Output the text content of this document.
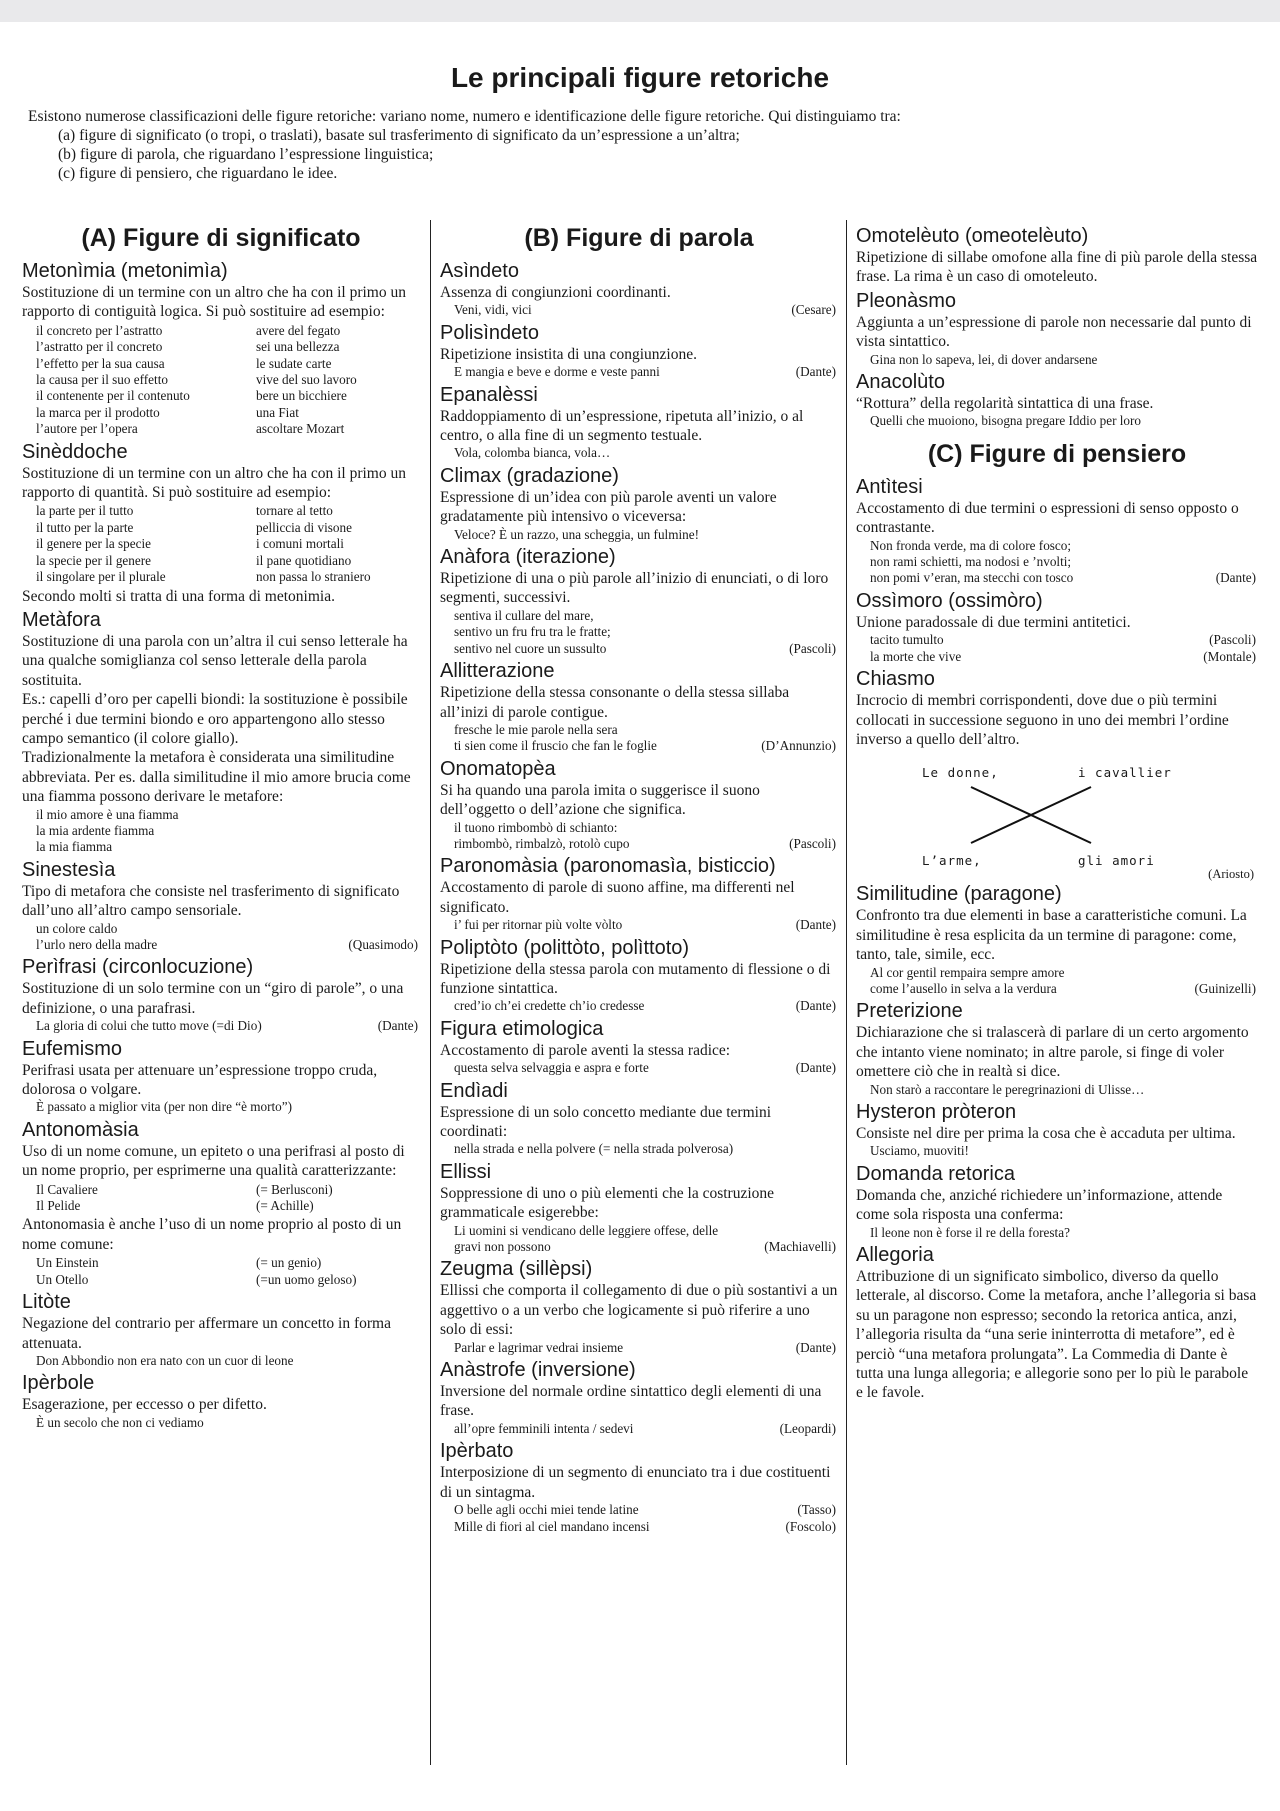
Le principali figure retoriche
Esistono numerose classificazioni delle figure retoriche: variano nome, numero e identificazione delle figure retoriche. Qui distinguiamo tra:
(a) figure di significato (o tropi, o traslati), basate sul trasferimento di significato da un’espressione a un’altra;
(b) figure di parola, che riguardano l’espressione linguistica;
(c) figure di pensiero, che riguardano le idee.
(A) Figure di significato
Metonìmia (metonimìa)
Sostituzione di un termine con un altro che ha con il primo un rapporto di contiguità logica. Si può sostituire ad esempio:
il concreto per l’astratto	avere del fegato
l’astratto per il concreto	sei una bellezza
l’effetto per la sua causa	le sudate carte
la causa per il suo effetto	vive del suo lavoro
il contenente per il contenuto	bere un bicchiere
la marca per il prodotto	una Fiat
l’autore per l’opera	ascoltare Mozart
Sinèddoche
Sostituzione di un termine con un altro che ha con il primo un rapporto di quantità. Si può sostituire ad esempio:
la parte per il tutto	tornare al tetto
il tutto per la parte	pelliccia di visone
il genere per la specie	i comuni mortali
la specie per il genere	il pane quotidiano
il singolare per il plurale	non passa lo straniero
Secondo molti si tratta di una forma di metonimia.
Metàfora
Sostituzione di una parola con un’altra il cui senso letterale ha una qualche somiglianza col senso letterale della parola sostituita.
Es.: capelli d’oro per capelli biondi: la sostituzione è possibile perché i due termini biondo e oro appartengono allo stesso campo semantico (il colore giallo).
Tradizionalmente la metafora è considerata una similitudine abbreviata. Per es. dalla similitudine il mio amore brucia come una fiamma possono derivare le metafore:
il mio amore è una fiamma
la mia ardente fiamma
la mia fiamma
Sinestesìa
Tipo di metafora che consiste nel trasferimento di significato dall’uno all’altro campo sensoriale.
un colore caldo
l’urlo nero della madre	(Quasimodo)
Perìfrasi (circonlocuzione)
Sostituzione di un solo termine con un “giro di parole”, o una definizione, o una parafrasi.
La gloria di colui che tutto move (=di Dio)	(Dante)
Eufemismo
Perifrasi usata per attenuare un’espressione troppo cruda, dolorosa o volgare.
È passato a miglior vita (per non dire “è morto”)
Antonomàsia
Uso di un nome comune, un epiteto o una perifrasi al posto di un nome proprio, per esprimerne una qualità caratterizzante:
Il Cavaliere	(= Berlusconi)
Il Pelide	(= Achille)
Antonomasia è anche l’uso di un nome proprio al posto di un nome comune:
Un Einstein	(= un genio)
Un Otello	(=un uomo geloso)
Litòte
Negazione del contrario per affermare un concetto in forma attenuata.
Don Abbondio non era nato con un cuor di leone
Ipèrbole
Esagerazione, per eccesso o per difetto.
È un secolo che non ci vediamo
(B) Figure di parola
Asìndeto
Assenza di congiunzioni coordinanti.
Veni, vidi, vici	(Cesare)
Polisìndeto
Ripetizione insistita di una congiunzione.
E mangia e beve e dorme e veste panni	(Dante)
Epanalèssi
Raddoppiamento di un’espressione, ripetuta all’inizio, o al centro, o alla fine di un segmento testuale.
Vola, colomba bianca, vola…
Climax (gradazione)
Espressione di un’idea con più parole aventi un valore gradatamente più intensivo o viceversa:
Veloce? È un razzo, una scheggia, un fulmine!
Anàfora (iterazione)
Ripetizione di una o più parole all’inizio di enunciati, o di loro segmenti, successivi.
sentiva il cullare del mare,
sentivo un fru fru tra le fratte;
sentivo nel cuore un sussulto	(Pascoli)
Allitterazione
Ripetizione della stessa consonante o della stessa sillaba all’inizi di parole contigue.
fresche le mie parole nella sera
ti sien come il fruscio che fan le foglie	(D’Annunzio)
Onomatopèa
Si ha quando una parola imita o suggerisce il suono dell’oggetto o dell’azione che significa.
il tuono rimbombò di schianto:
rimbombò, rimbalzò, rotolò cupo	(Pascoli)
Paronomàsia (paronomasìa, bisticcio)
Accostamento di parole di suono affine, ma differenti nel significato.
i’ fui per ritornar più volte vòlto	(Dante)
Poliptòto (polittòto, polìttoto)
Ripetizione della stessa parola con mutamento di flessione o di funzione sintattica.
cred’io ch’ei credette ch’io credesse	(Dante)
Figura etimologica
Accostamento di parole aventi la stessa radice:
questa selva selvaggia e aspra e forte	(Dante)
Endìadi
Espressione di un solo concetto mediante due termini coordinati:
nella strada e nella polvere (= nella strada polverosa)
Ellissi
Soppressione di uno o più elementi che la costruzione grammaticale esigerebbe:
Li uomini si vendicano delle leggiere offese, delle
gravi non possono	(Machiavelli)
Zeugma (sillèpsi)
Ellissi che comporta il collegamento di due o più sostantivi a un aggettivo o a un verbo che logicamente si può riferire a uno solo di essi:
Parlar e lagrimar vedrai insieme	(Dante)
Anàstrofe (inversione)
Inversione del normale ordine sintattico degli elementi di una frase.
all’opre femminili intenta / sedevi	(Leopardi)
Ipèrbato
Interposizione di un segmento di enunciato tra i due costituenti di un sintagma.
O belle agli occhi miei tende latine	(Tasso)
Mille di fiori al ciel mandano incensi	(Foscolo)
Omotelèuto (omeotelèuto)
Ripetizione di sillabe omofone alla fine di più parole della stessa frase. La rima è un caso di omoteleuto.
Pleonàsmo
Aggiunta a un’espressione di parole non necessarie dal punto di vista sintattico.
Gina non lo sapeva, lei, di dover andarsene
Anacolùto
“Rottura” della regolarità sintattica di una frase.
Quelli che muoiono, bisogna pregare Iddio per loro
(C) Figure di pensiero
Antìtesi
Accostamento di due termini o espressioni di senso opposto o contrastante.
Non fronda verde, ma di colore fosco;
non rami schietti, ma nodosi e ’nvolti;
non pomi v’eran, ma stecchi con tosco	(Dante)
Ossìmoro (ossimòro)
Unione paradossale di due termini antitetici.
tacito tumulto	(Pascoli)
la morte che vive	(Montale)
Chiasmo
Incrocio di membri corrispondenti, dove due o più termini collocati in successione seguono in uno dei membri l’ordine inverso a quello dell’altro.
Le donne,	i cavallier
L’arme,	gli amori
(Ariosto)
Similitudine (paragone)
Confronto tra due elementi in base a caratteristiche comuni. La similitudine è resa esplicita da un termine di paragone: come, tanto, tale, simile, ecc.
Al cor gentil rempaira sempre amore
come l’ausello in selva a la verdura	(Guinizelli)
Preterizione
Dichiarazione che si tralascerà di parlare di un certo argomento che intanto viene nominato; in altre parole, si finge di voler omettere ciò che in realtà si dice.
Non starò a raccontare le peregrinazioni di Ulisse…
Hysteron pròteron
Consiste nel dire per prima la cosa che è accaduta per ultima.
Usciamo, muoviti!
Domanda retorica
Domanda che, anziché richiedere un’informazione, attende come sola risposta una conferma:
Il leone non è forse il re della foresta?
Allegoria
Attribuzione di un significato simbolico, diverso da quello letterale, al discorso. Come la metafora, anche l’allegoria si basa su un paragone non espresso; secondo la retorica antica, anzi, l’allegoria risulta da “una serie ininterrotta di metafore”, ed è perciò “una metafora prolungata”. La Commedia di Dante è tutta una lunga allegoria; e allegorie sono per lo più le parabole e le favole.
